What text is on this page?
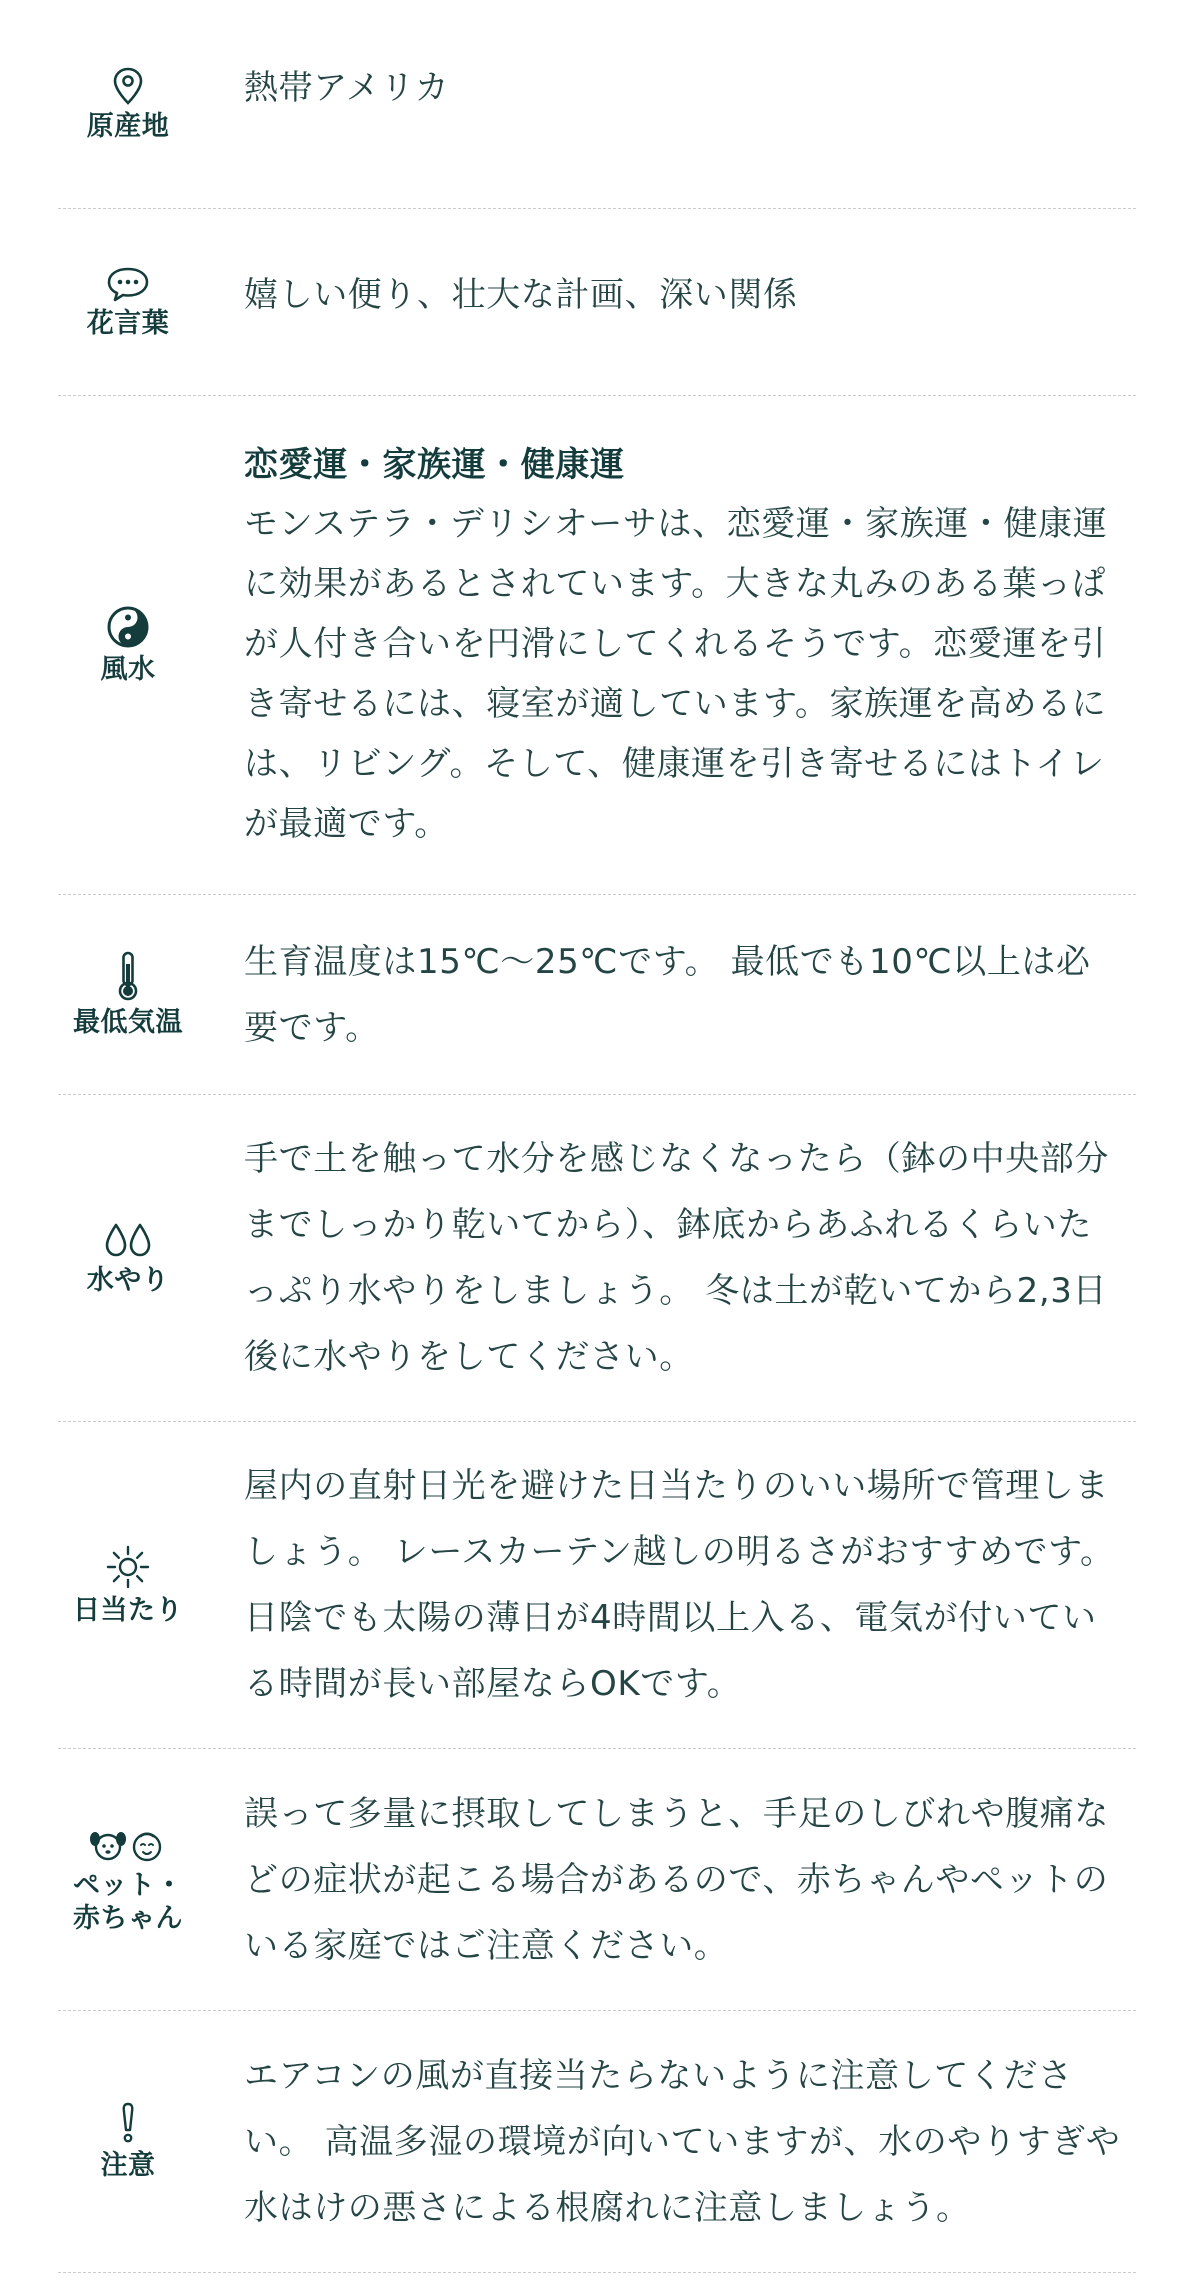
原産地
熱帯アメリカ
花言葉
嬉しい便り、壮大な計画、深い関係
風水
恋愛運・家族運・健康運
モンステラ・デリシオーサは、恋愛運・家族運・健康運に効果があるとされています。大きな丸みのある葉っぱが人付き合いを円滑にしてくれるそうです。恋愛運を引き寄せるには、寝室が適しています。家族運を高めるには、リビング。そして、健康運を引き寄せるにはトイレが最適です。
最低気温
生育温度は15℃～25℃です。 最低でも10℃以上は必要です。
水やり
手で土を触って水分を感じなくなったら（鉢の中央部分までしっかり乾いてから）、鉢底からあふれるくらいたっぷり水やりをしましょう。 冬は土が乾いてから2,3日後に水やりをしてください。
日当たり
屋内の直射日光を避けた日当たりのいい場所で管理しましょう。 レースカーテン越しの明るさがおすすめです。 日陰でも太陽の薄日が4時間以上入る、電気が付いている時間が長い部屋ならOKです。
ペット・
赤ちゃん
誤って多量に摂取してしまうと、手足のしびれや腹痛などの症状が起こる場合があるので、赤ちゃんやペットのいる家庭ではご注意ください。
注意
エアコンの風が直接当たらないように注意してください。 高温多湿の環境が向いていますが、水のやりすぎや水はけの悪さによる根腐れに注意しましょう。
